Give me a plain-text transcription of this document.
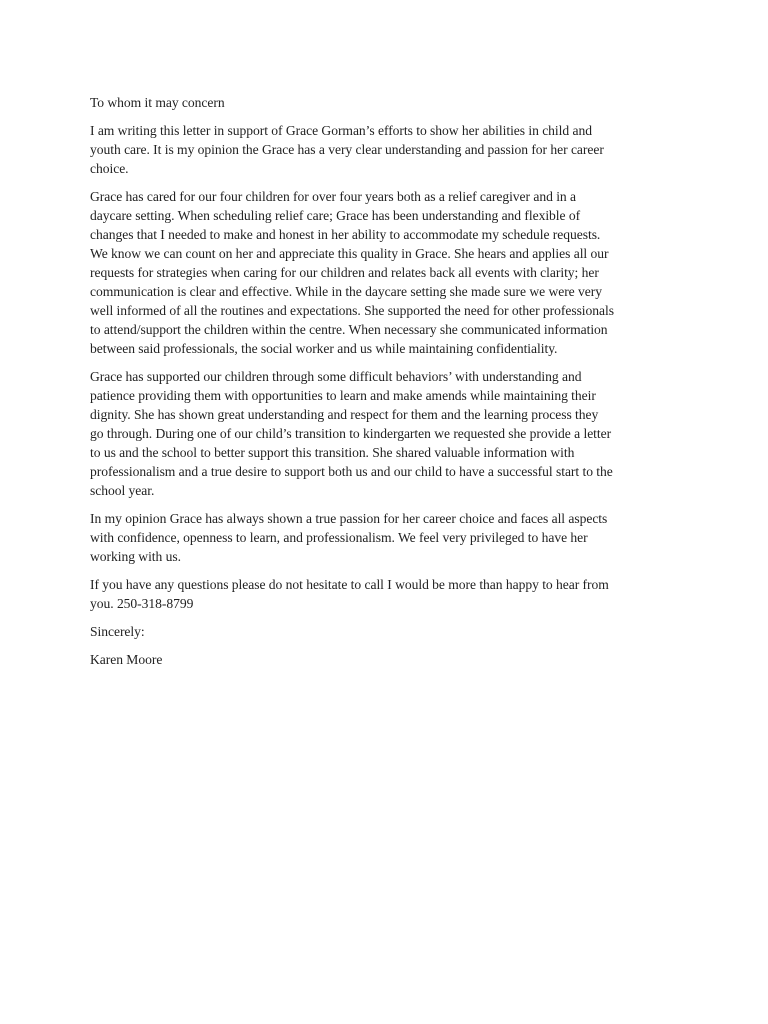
To whom it may concern

I am writing this letter in support of Grace Gorman’s efforts to show her abilities in child and
youth care. It is my opinion the Grace has a very clear understanding and passion for her career
choice.

Grace has cared for our four children for over four years both as a relief caregiver and in a
daycare setting. When scheduling relief care; Grace has been understanding and flexible of
changes that I needed to make and honest in her ability to accommodate my schedule requests.
We know we can count on her and appreciate this quality in Grace. She hears and applies all our
requests for strategies when caring for our children and relates back all events with clarity; her
communication is clear and effective. While in the daycare setting she made sure we were very
well informed of all the routines and expectations. She supported the need for other professionals
to attend/support the children within the centre. When necessary she communicated information
between said professionals, the social worker and us while maintaining confidentiality.

Grace has supported our children through some difficult behaviors’ with understanding and
patience providing them with opportunities to learn and make amends while maintaining their
dignity. She has shown great understanding and respect for them and the learning process they
go through. During one of our child’s transition to kindergarten we requested she provide a letter
to us and the school to better support this transition. She shared valuable information with
professionalism and a true desire to support both us and our child to have a successful start to the
school year.

In my opinion Grace has always shown a true passion for her career choice and faces all aspects
with confidence, openness to learn, and professionalism. We feel very privileged to have her
working with us.

If you have any questions please do not hesitate to call I would be more than happy to hear from
you. 250-318-8799

Sincerely:

Karen Moore
